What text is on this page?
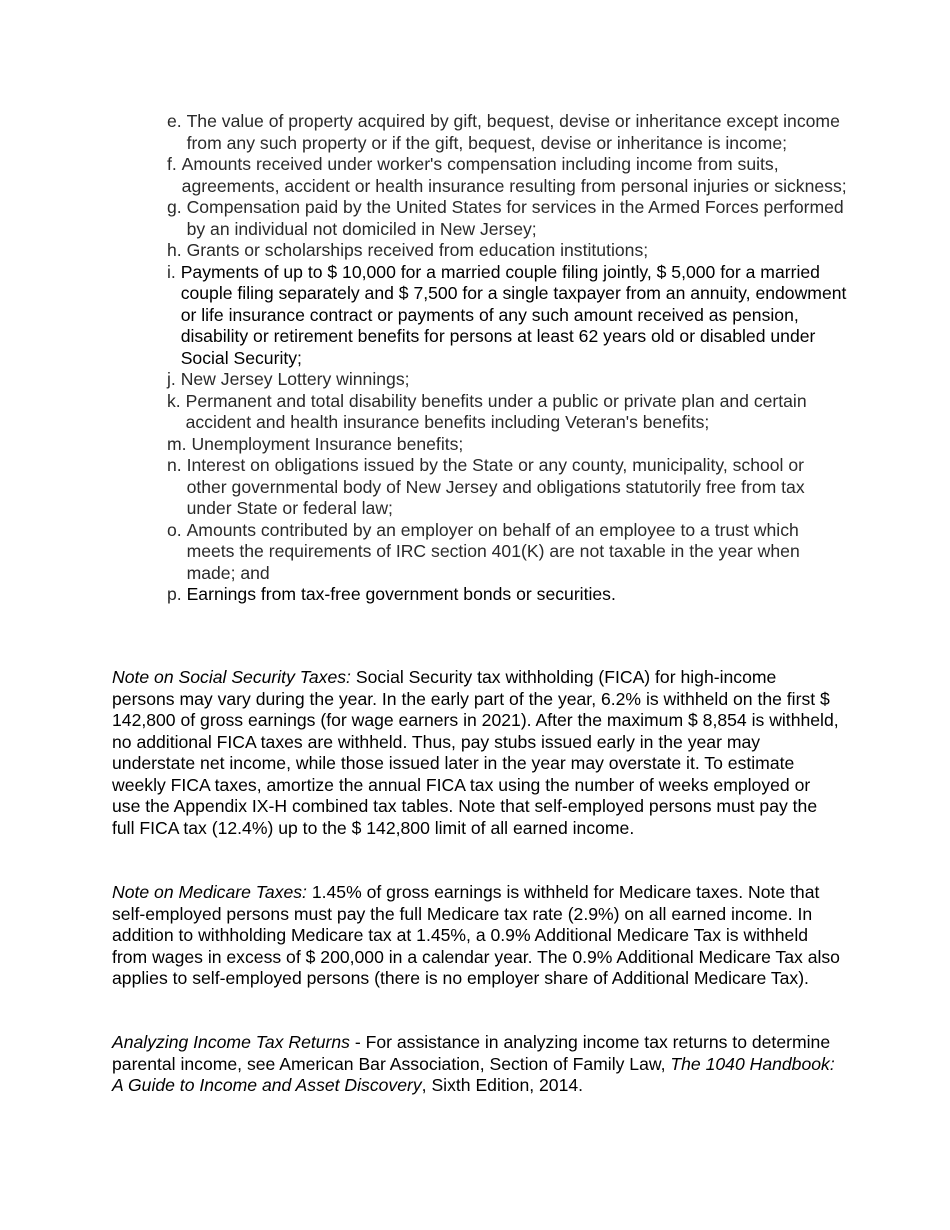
e. The value of property acquired by gift, bequest, devise or inheritance except income from any such property or if the gift, bequest, devise or inheritance is income;
f. Amounts received under worker's compensation including income from suits, agreements, accident or health insurance resulting from personal injuries or sickness;
g. Compensation paid by the United States for services in the Armed Forces performed by an individual not domiciled in New Jersey;
h. Grants or scholarships received from education institutions;
i. Payments of up to $ 10,000 for a married couple filing jointly, $ 5,000 for a married couple filing separately and $ 7,500 for a single taxpayer from an annuity, endowment or life insurance contract or payments of any such amount received as pension, disability or retirement benefits for persons at least 62 years old or disabled under Social Security;
j. New Jersey Lottery winnings;
k. Permanent and total disability benefits under a public or private plan and certain accident and health insurance benefits including Veteran's benefits;
m. Unemployment Insurance benefits;
n. Interest on obligations issued by the State or any county, municipality, school or other governmental body of New Jersey and obligations statutorily free from tax under State or federal law;
o. Amounts contributed by an employer on behalf of an employee to a trust which meets the requirements of IRC section 401(K) are not taxable in the year when made; and
p. Earnings from tax-free government bonds or securities.

Note on Social Security Taxes: Social Security tax withholding (FICA) for high-income persons may vary during the year. In the early part of the year, 6.2% is withheld on the first $ 142,800 of gross earnings (for wage earners in 2021). After the maximum $ 8,854 is withheld, no additional FICA taxes are withheld. Thus, pay stubs issued early in the year may understate net income, while those issued later in the year may overstate it. To estimate weekly FICA taxes, amortize the annual FICA tax using the number of weeks employed or use the Appendix IX-H combined tax tables. Note that self-employed persons must pay the full FICA tax (12.4%) up to the $ 142,800 limit of all earned income.

Note on Medicare Taxes: 1.45% of gross earnings is withheld for Medicare taxes. Note that self-employed persons must pay the full Medicare tax rate (2.9%) on all earned income. In addition to withholding Medicare tax at 1.45%, a 0.9% Additional Medicare Tax is withheld from wages in excess of $ 200,000 in a calendar year. The 0.9% Additional Medicare Tax also applies to self-employed persons (there is no employer share of Additional Medicare Tax).

Analyzing Income Tax Returns - For assistance in analyzing income tax returns to determine parental income, see American Bar Association, Section of Family Law, The 1040 Handbook: A Guide to Income and Asset Discovery, Sixth Edition, 2014.
